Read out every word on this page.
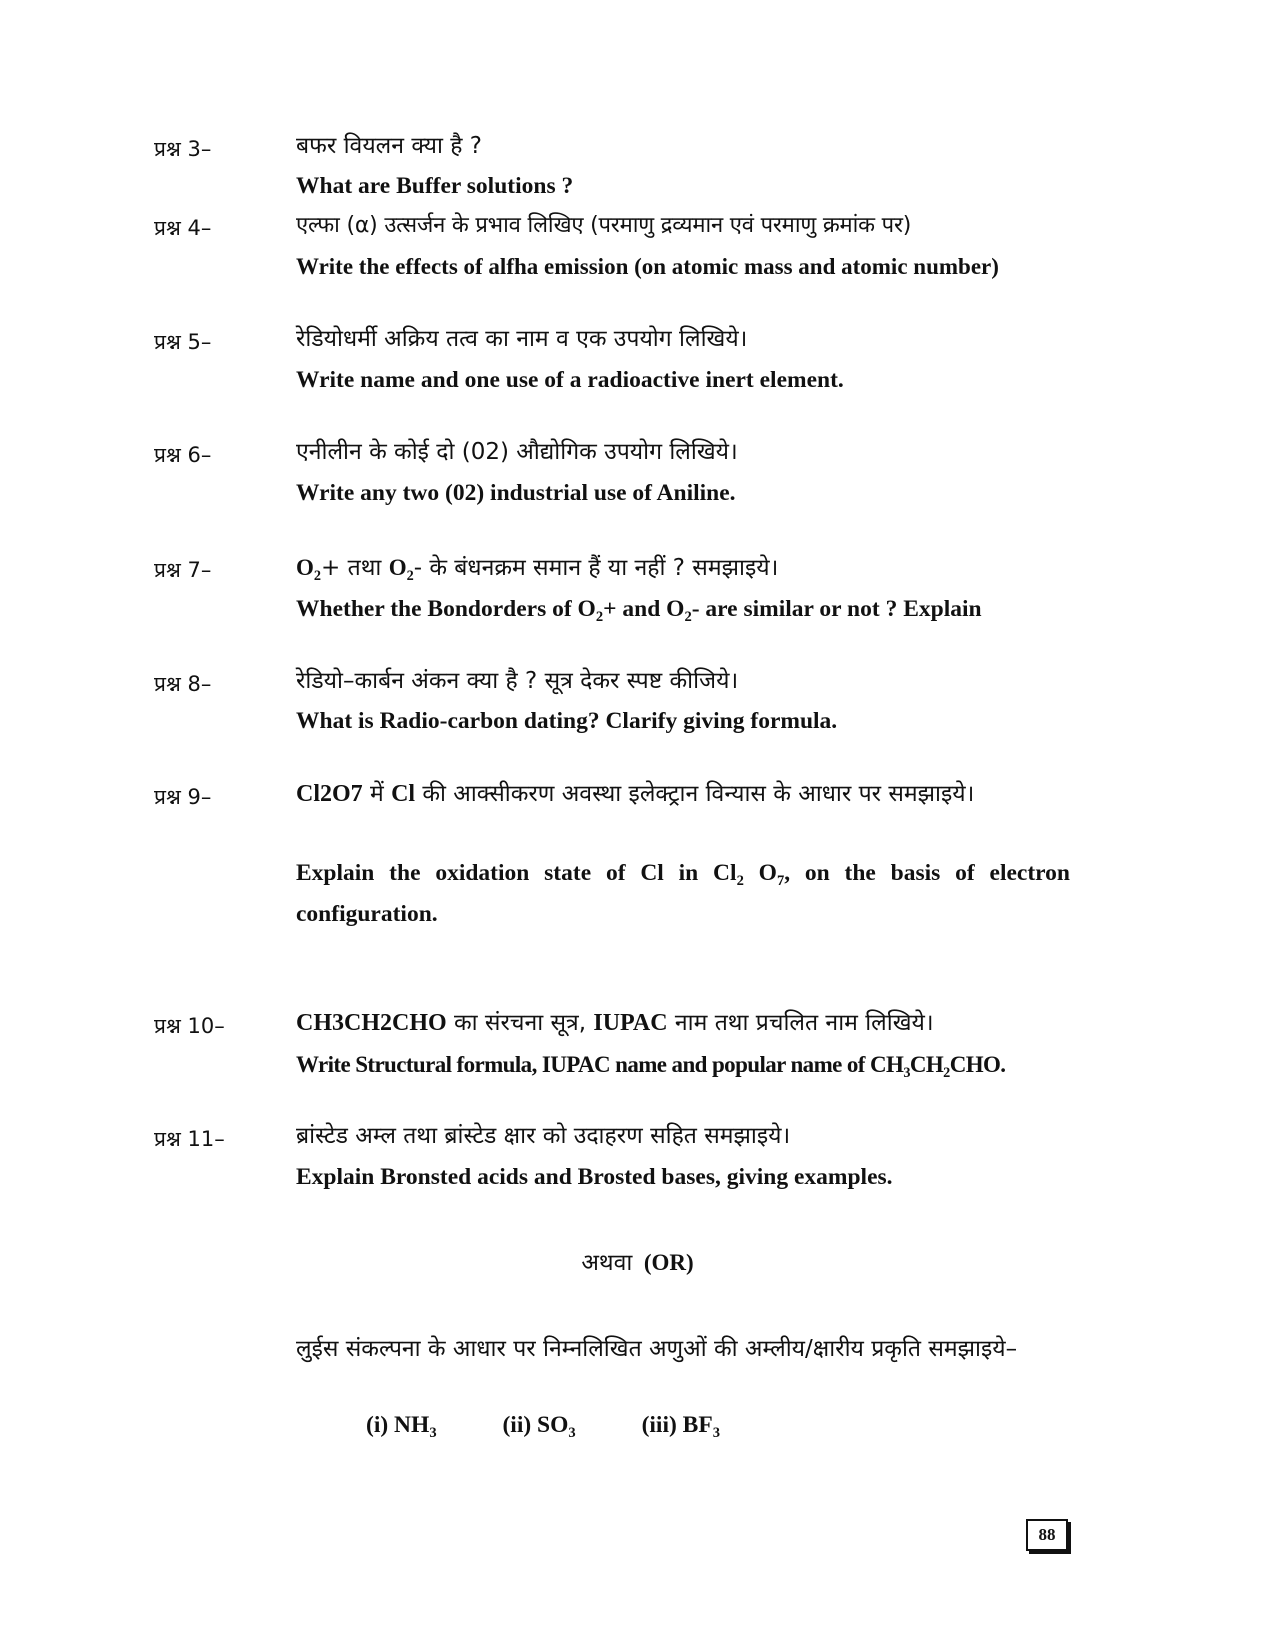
प्रश्न 3–	बफर वियलन क्या है ?
What are Buffer solutions ?
प्रश्न 4–	एल्फा (α) उत्सर्जन के प्रभाव लिखिए (परमाणु द्रव्यमान एवं परमाणु क्रमांक पर)
Write the effects of alfha emission (on atomic mass and atomic number)
प्रश्न 5–	रेडियोधर्मी अक्रिय तत्व का नाम व एक उपयोग लिखिये।
Write name and one use of a radioactive inert element.
प्रश्न 6–	एनीलीन के कोई दो (02) औद्योगिक उपयोग लिखिये।
Write any two (02) industrial use of Aniline.
प्रश्न 7–	$O_2+$ तथा $O_2-$ के बंधनक्रम समान हैं या नहीं ? समझाइये।
Whether the Bondorders of $O_2+$ and $O_2-$ are similar or not ? Explain
प्रश्न 8–	रेडियो–कार्बन अंकन क्या है ? सूत्र देकर स्पष्ट कीजिये।
What is Radio-carbon dating? Clarify giving formula.
प्रश्न 9–	Cl2O7 में Cl की आक्सीकरण अवस्था इलेक्ट्रान विन्यास के आधार पर समझाइये।
Explain the oxidation state of Cl in $Cl_2$ $O_7$, on the basis of electron configuration.
प्रश्न 10–	CH3CH2CHO का संरचना सूत्र, IUPAC नाम तथा प्रचलित नाम लिखिये।
Write Structural formula, IUPAC name and popular name of $CH_3CH_2CHO$.
प्रश्न 11–	ब्रांस्टेड अम्ल तथा ब्रांस्टेड क्षार को उदाहरण सहित समझाइये।
Explain Bronsted acids and Brosted bases, giving examples.
अथवा (OR)
लुईस संकल्पना के आधार पर निम्नलिखित अणुओं की अम्लीय/क्षारीय प्रकृति समझाइये–
(i) $NH_3$	(ii) $SO_3$	(iii) $BF_3$
88
